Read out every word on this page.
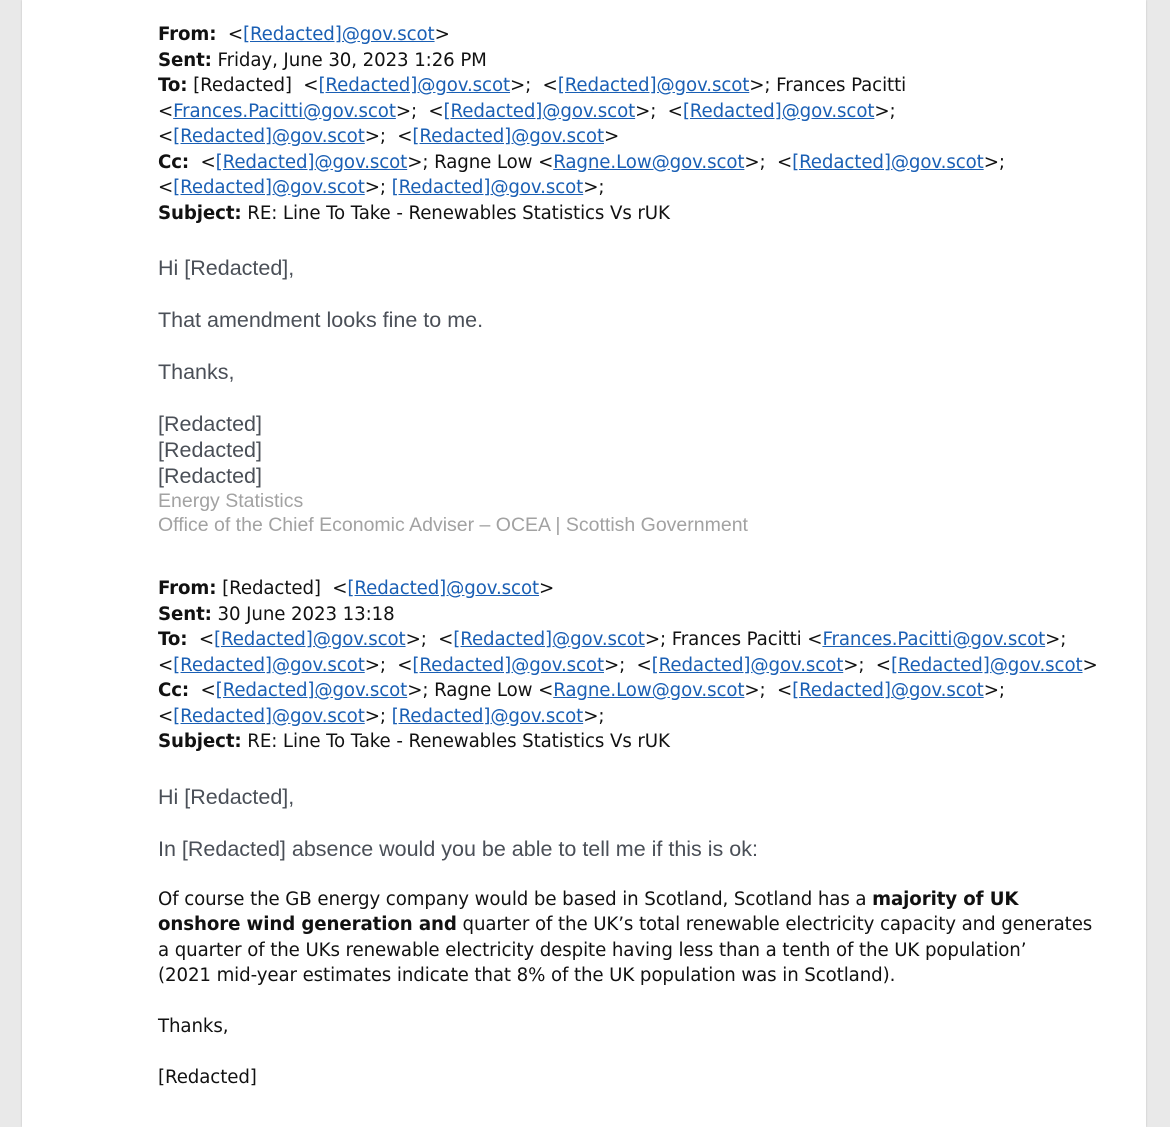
From: <[Redacted]@gov.scot>
Sent: Friday, June 30, 2023 1:26 PM
To: [Redacted]  <[Redacted]@gov.scot>;  <[Redacted]@gov.scot>; Frances Pacitti
<Frances.Pacitti@gov.scot>;  <[Redacted]@gov.scot>;  <[Redacted]@gov.scot>;
<[Redacted]@gov.scot>;  <[Redacted]@gov.scot>
Cc:  <[Redacted]@gov.scot>; Ragne Low <Ragne.Low@gov.scot>;  <[Redacted]@gov.scot>;
<[Redacted]@gov.scot>; [Redacted]@gov.scot>;
Subject: RE: Line To Take - Renewables Statistics Vs rUK

Hi [Redacted],

That amendment looks fine to me.

Thanks,

[Redacted]
[Redacted]
[Redacted]
Energy Statistics
Office of the Chief Economic Adviser – OCEA | Scottish Government
From: [Redacted]  <[Redacted]@gov.scot>
Sent: 30 June 2023 13:18
To:  <[Redacted]@gov.scot>;  <[Redacted]@gov.scot>; Frances Pacitti <Frances.Pacitti@gov.scot>;
<[Redacted]@gov.scot>;  <[Redacted]@gov.scot>;  <[Redacted]@gov.scot>;  <[Redacted]@gov.scot>
Cc:  <[Redacted]@gov.scot>; Ragne Low <Ragne.Low@gov.scot>;  <[Redacted]@gov.scot>;
<[Redacted]@gov.scot>; [Redacted]@gov.scot>;
Subject: RE: Line To Take - Renewables Statistics Vs rUK

Hi [Redacted],

In [Redacted] absence would you be able to tell me if this is ok:

Of course the GB energy company would be based in Scotland, Scotland has a majority of UK
onshore wind generation and quarter of the UK’s total renewable electricity capacity and generates
a quarter of the UKs renewable electricity despite having less than a tenth of the UK population’
(2021 mid-year estimates indicate that 8% of the UK population was in Scotland).

Thanks,

[Redacted]
